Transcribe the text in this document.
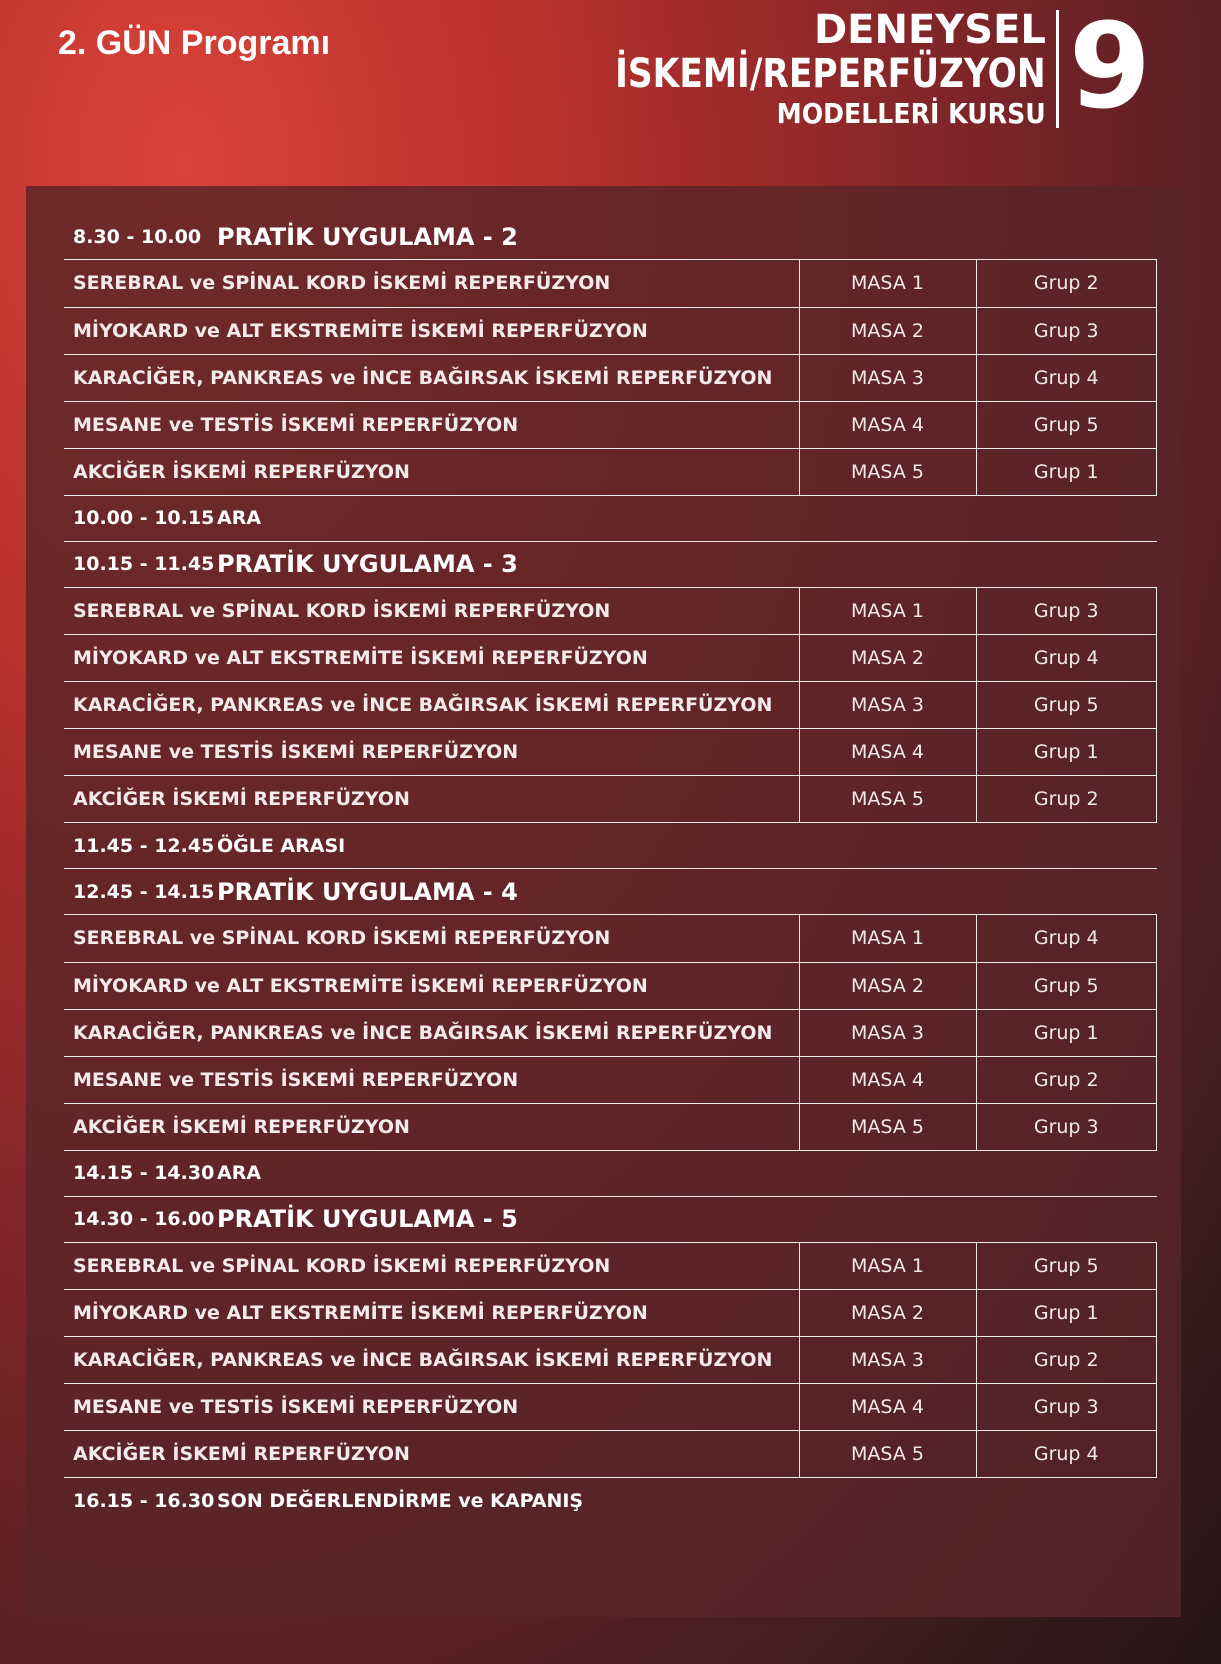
2. GÜN Programı	DENEYSEL
İSKEMİ/REPERFÜZYON
MODELLERİ KURSU 9
8.30 - 10.00 PRATİK UYGULAMA - 2
SEREBRAL ve SPİNAL KORD İSKEMİ REPERFÜZYON	MASA 1	Grup 2
MİYOKARD ve ALT EKSTREMİTE İSKEMİ REPERFÜZYON	MASA 2	Grup 3
KARACİĞER, PANKREAS ve İNCE BAĞIRSAK İSKEMİ REPERFÜZYON	MASA 3	Grup 4
MESANE ve TESTİS İSKEMİ REPERFÜZYON	MASA 4	Grup 5
AKCİĞER İSKEMİ REPERFÜZYON	MASA 5	Grup 1
10.00 - 10.15 ARA
10.15 - 11.45 PRATİK UYGULAMA - 3
SEREBRAL ve SPİNAL KORD İSKEMİ REPERFÜZYON	MASA 1	Grup 3
MİYOKARD ve ALT EKSTREMİTE İSKEMİ REPERFÜZYON	MASA 2	Grup 4
KARACİĞER, PANKREAS ve İNCE BAĞIRSAK İSKEMİ REPERFÜZYON	MASA 3	Grup 5
MESANE ve TESTİS İSKEMİ REPERFÜZYON	MASA 4	Grup 1
AKCİĞER İSKEMİ REPERFÜZYON	MASA 5	Grup 2
11.45 - 12.45 ÖĞLE ARASI
12.45 - 14.15 PRATİK UYGULAMA - 4
SEREBRAL ve SPİNAL KORD İSKEMİ REPERFÜZYON	MASA 1	Grup 4
MİYOKARD ve ALT EKSTREMİTE İSKEMİ REPERFÜZYON	MASA 2	Grup 5
KARACİĞER, PANKREAS ve İNCE BAĞIRSAK İSKEMİ REPERFÜZYON	MASA 3	Grup 1
MESANE ve TESTİS İSKEMİ REPERFÜZYON	MASA 4	Grup 2
AKCİĞER İSKEMİ REPERFÜZYON	MASA 5	Grup 3
14.15 - 14.30 ARA
14.30 - 16.00 PRATİK UYGULAMA - 5
SEREBRAL ve SPİNAL KORD İSKEMİ REPERFÜZYON	MASA 1	Grup 5
MİYOKARD ve ALT EKSTREMİTE İSKEMİ REPERFÜZYON	MASA 2	Grup 1
KARACİĞER, PANKREAS ve İNCE BAĞIRSAK İSKEMİ REPERFÜZYON	MASA 3	Grup 2
MESANE ve TESTİS İSKEMİ REPERFÜZYON	MASA 4	Grup 3
AKCİĞER İSKEMİ REPERFÜZYON	MASA 5	Grup 4
16.15 - 16.30 SON DEĞERLENDİRME ve KAPANIŞ
